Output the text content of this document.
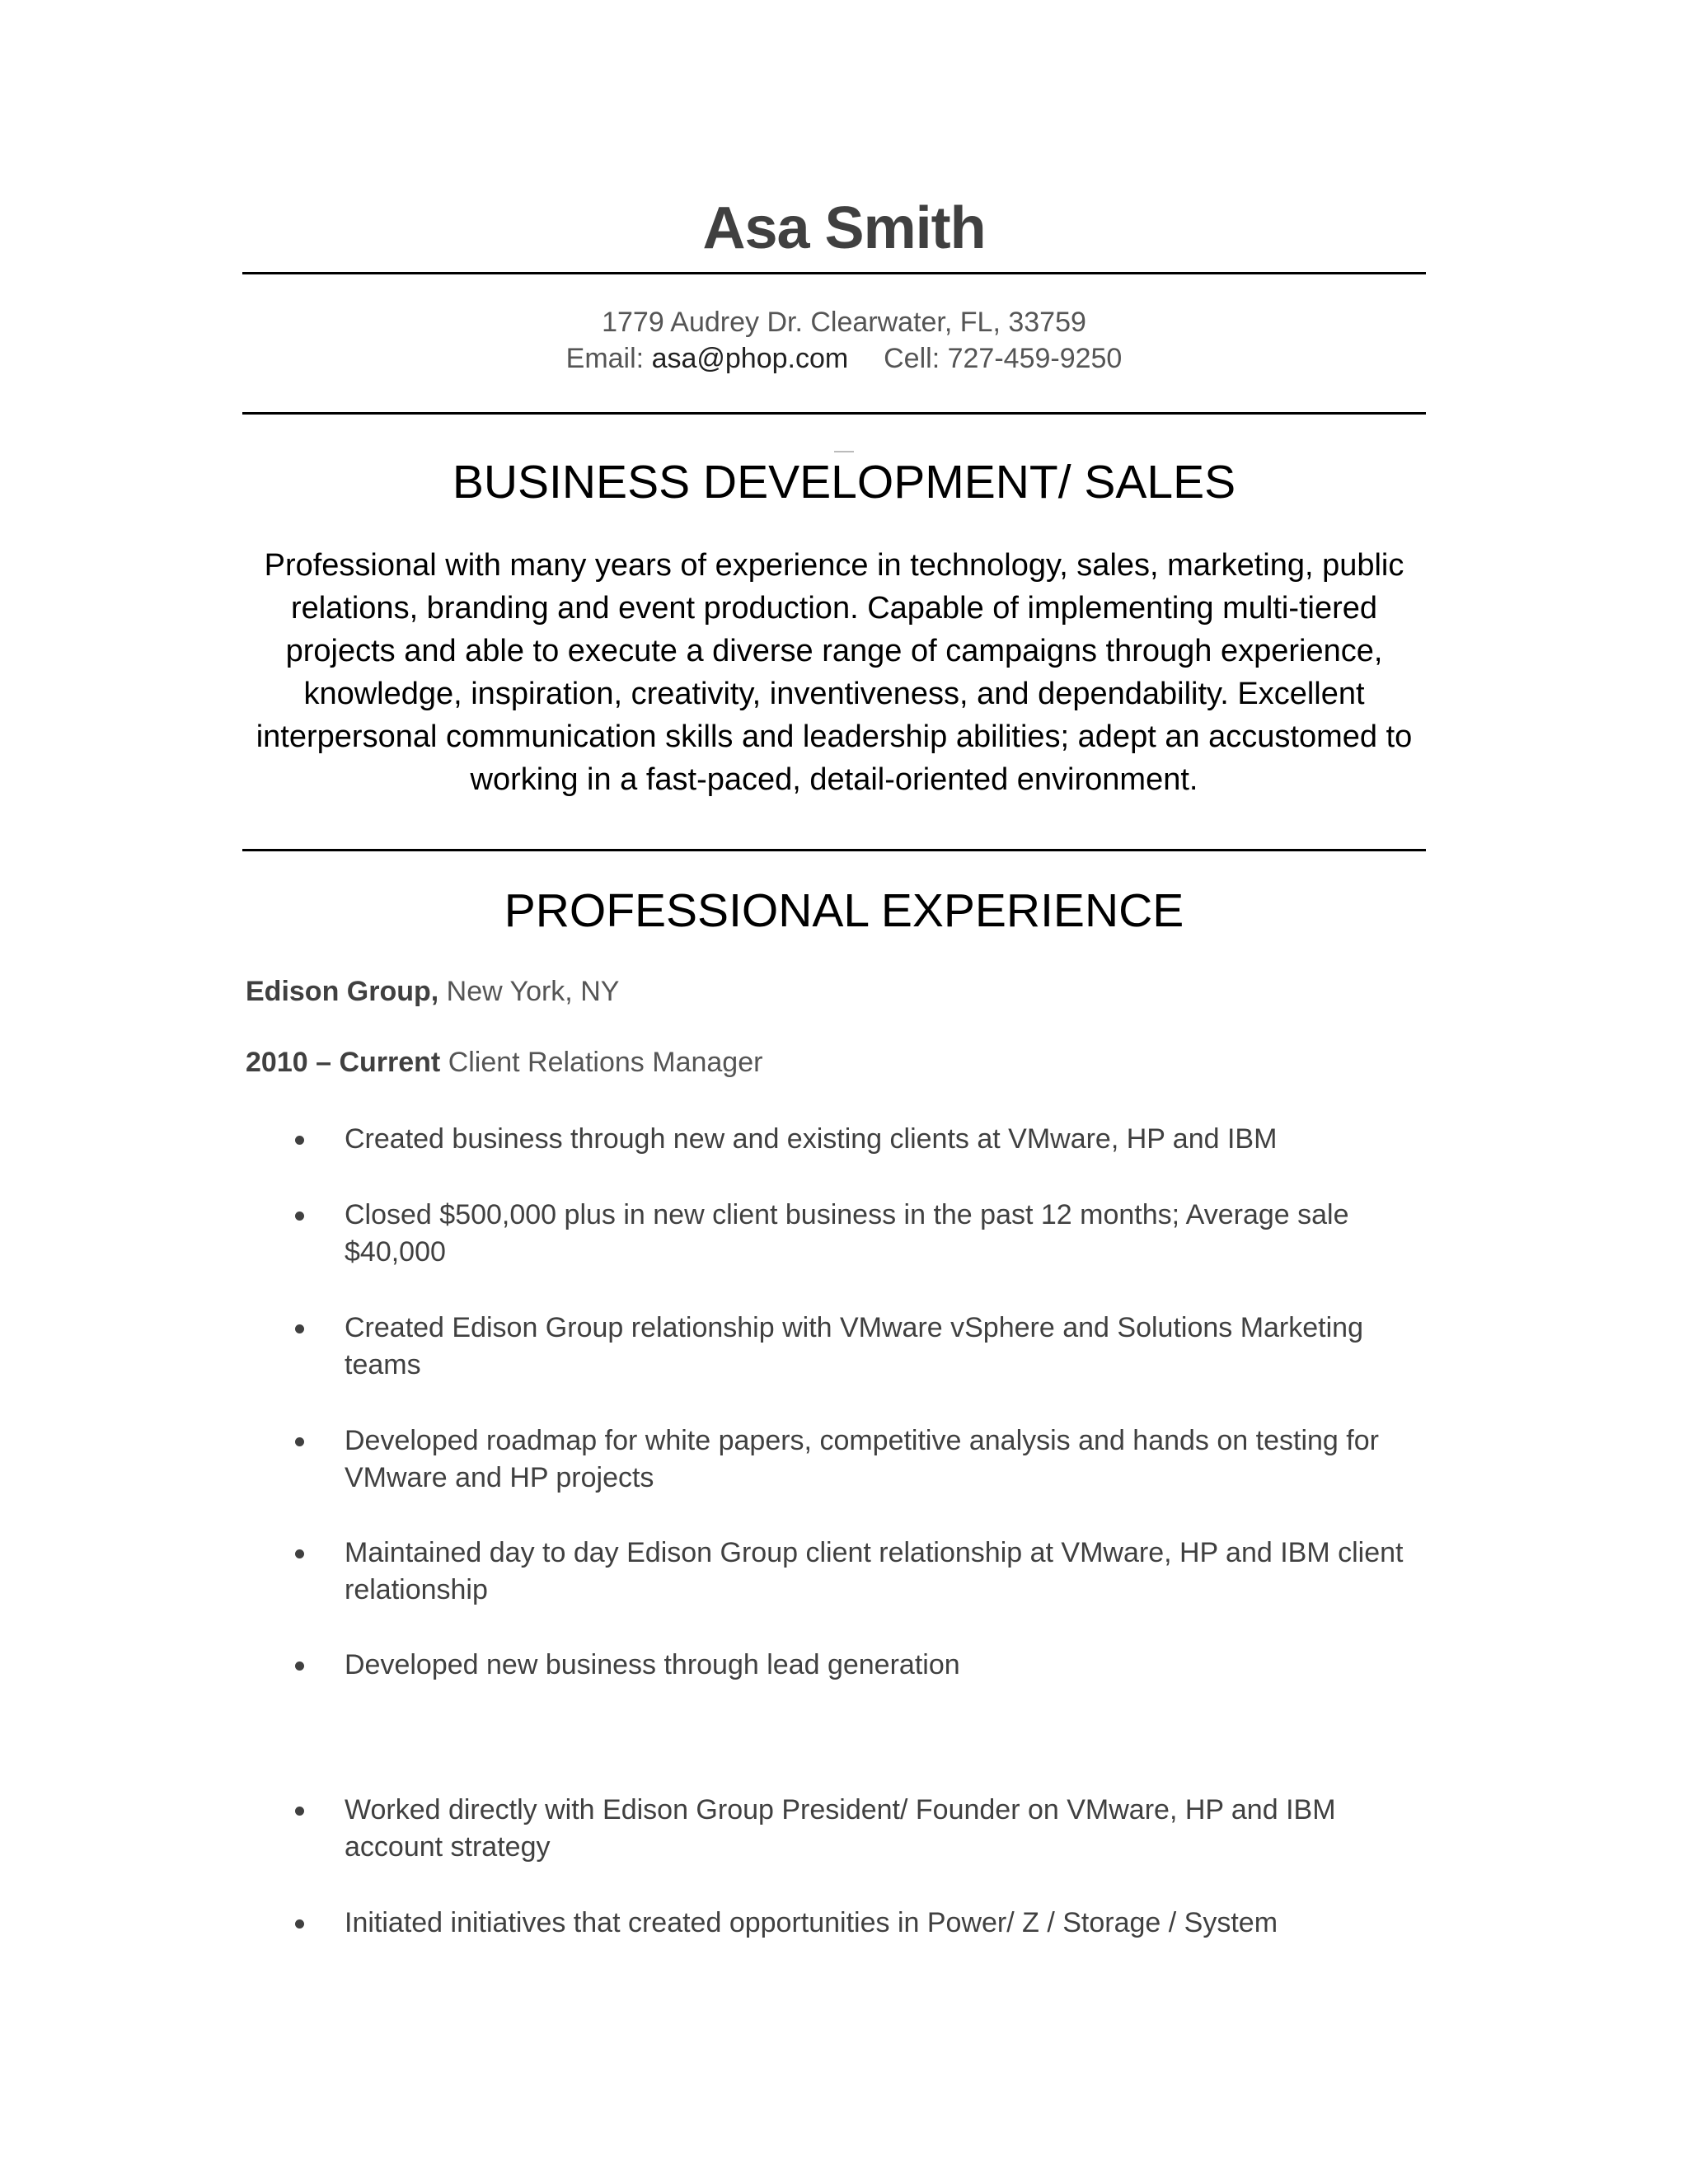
Asa Smith
1779 Audrey Dr. Clearwater, FL, 33759
Email: asa@phop.com Cell: 727-459-9250
BUSINESS DEVELOPMENT/ SALES
Professional with many years of experience in technology, sales, marketing, public relations, branding and event production. Capable of implementing multi-tiered projects and able to execute a diverse range of campaigns through experience, knowledge, inspiration, creativity, inventiveness, and dependability. Excellent interpersonal communication skills and leadership abilities; adept an accustomed to working in a fast-paced, detail-oriented environment.
PROFESSIONAL EXPERIENCE
Edison Group, New York, NY
2010 – Current Client Relations Manager
Created business through new and existing clients at VMware, HP and IBM
Closed $500,000 plus in new client business in the past 12 months; Average sale $40,000
Created Edison Group relationship with VMware vSphere and Solutions Marketing teams
Developed roadmap for white papers, competitive analysis and hands on testing for VMware and HP projects
Maintained day to day Edison Group client relationship at VMware, HP and IBM client relationship
Developed new business through lead generation
Worked directly with Edison Group President/ Founder on VMware, HP and IBM account strategy
Initiated initiatives that created opportunities in Power/ Z / Storage / System
